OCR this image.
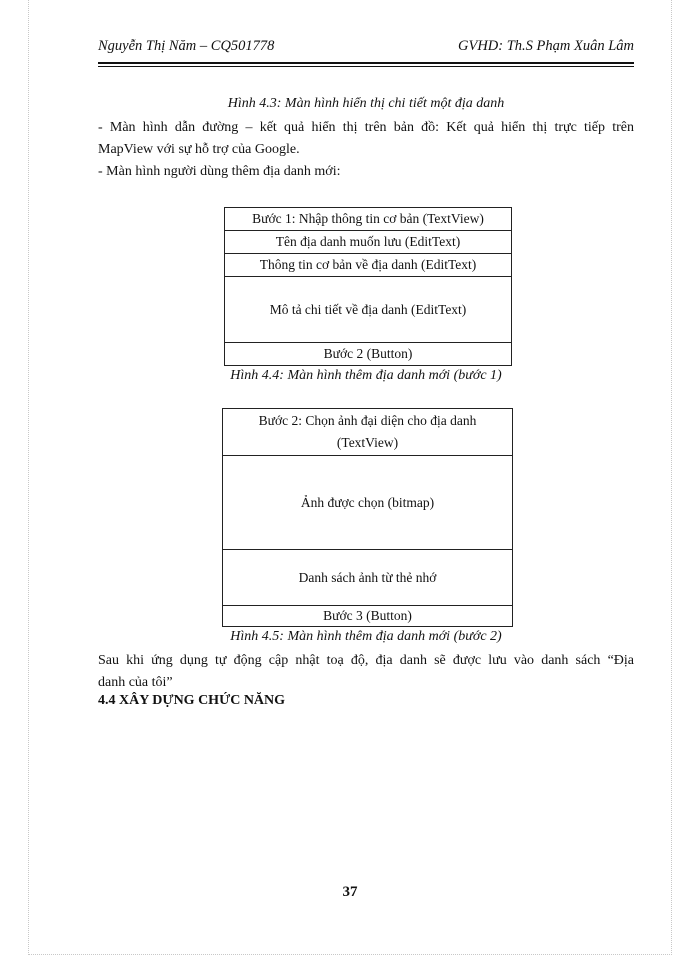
Nguyễn Thị Năm – CQ501778	GVHD: Th.S Phạm Xuân Lâm
Hình 4.3: Màn hình hiển thị chi tiết một địa danh
- Màn hình dẫn đường – kết quả hiển thị trên bản đồ: Kết quả hiển thị trực tiếp trên
MapView với sự hỗ trợ của Google.
- Màn hình người dùng thêm địa danh mới:
Bước 1: Nhập thông tin cơ bản (TextView)
Tên địa danh muốn lưu (EditText)
Thông tin cơ bản về địa danh (EditText)
Mô tả chi tiết về địa danh (EditText)
Bước 2 (Button)
Hình 4.4: Màn hình thêm địa danh mới (bước 1)
Bước 2: Chọn ảnh đại diện cho địa danh (TextView)
Ảnh được chọn (bitmap)
Danh sách ảnh từ thẻ nhớ
Bước 3 (Button)
Hình 4.5: Màn hình thêm địa danh mới (bước 2)
Sau khi ứng dụng tự động cập nhật toạ độ, địa danh sẽ được lưu vào danh sách “Địa
danh của tôi”
4.4 XÂY DỰNG CHỨC NĂNG
37
